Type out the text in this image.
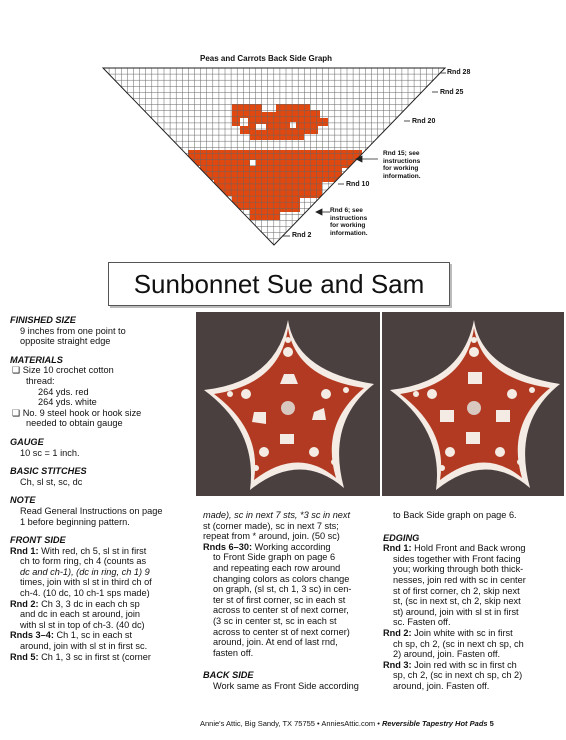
Peas and Carrots Back Side Graph
Rnd 28
Rnd 25
Rnd 20
Rnd 15; see
instructions
for working
information.
Rnd 10
Rnd 6; see
instructions
for working
information.
Rnd 2
Sunbonnet Sue and Sam

FINISHED SIZE

9 inches from one point to

opposite straight edge

MATERIALS

❑ Size 10 crochet cotton

thread:

264 yds. red

264 yds. white

❑ No. 9 steel hook or hook size

needed to obtain gauge

GAUGE

10 sc = 1 inch.

BASIC STITCHES

Ch, sl st, sc, dc

NOTE

Read General Instructions on page

1 before beginning pattern.

FRONT SIDE

Rnd 1: With red, ch 5, sl st in first

ch to form ring, ch 4 (counts as

dc and ch-1), (dc in ring, ch 1) 9

times, join with sl st in third ch of

ch-4. (10 dc, 10 ch-1 sps made)

Rnd 2: Ch 3, 3 dc in each ch sp

and dc in each st around, join

with sl st in top of ch-3. (40 dc)

Rnds 3–4: Ch 1, sc in each st

around, join with sl st in first sc.

Rnd 5: Ch 1, 3 sc in first st (corner

made), sc in next 7 sts, *3 sc in next

st (corner made), sc in next 7 sts;

repeat from * around, join. (50 sc)

Rnds 6–30: Working according

to Front Side graph on page 6

and repeating each row around

changing colors as colors change

on graph, (sl st, ch 1, 3 sc) in cen-

ter st of first corner, sc in each st

across to center st of next corner,

(3 sc in center st, sc in each st

across to center st of next corner)

around, join. At end of last rnd,

fasten off.

BACK SIDE

Work same as Front Side according

to Back Side graph on page 6.

EDGING

Rnd 1: Hold Front and Back wrong

sides together with Front facing

you; working through both thick-

nesses, join red with sc in center

st of first corner, ch 2, skip next

st, (sc in next st, ch 2, skip next

st) around, join with sl st in first

sc. Fasten off.

Rnd 2: Join white with sc in first

ch sp, ch 2, (sc in next ch sp, ch

2) around, join. Fasten off.

Rnd 3: Join red with sc in first ch

sp, ch 2, (sc in next ch sp, ch 2)

around, join. Fasten off.

Annie's Attic, Big Sandy, TX 75755 • AnniesAttic.com • Reversible Tapestry Hot Pads 5
